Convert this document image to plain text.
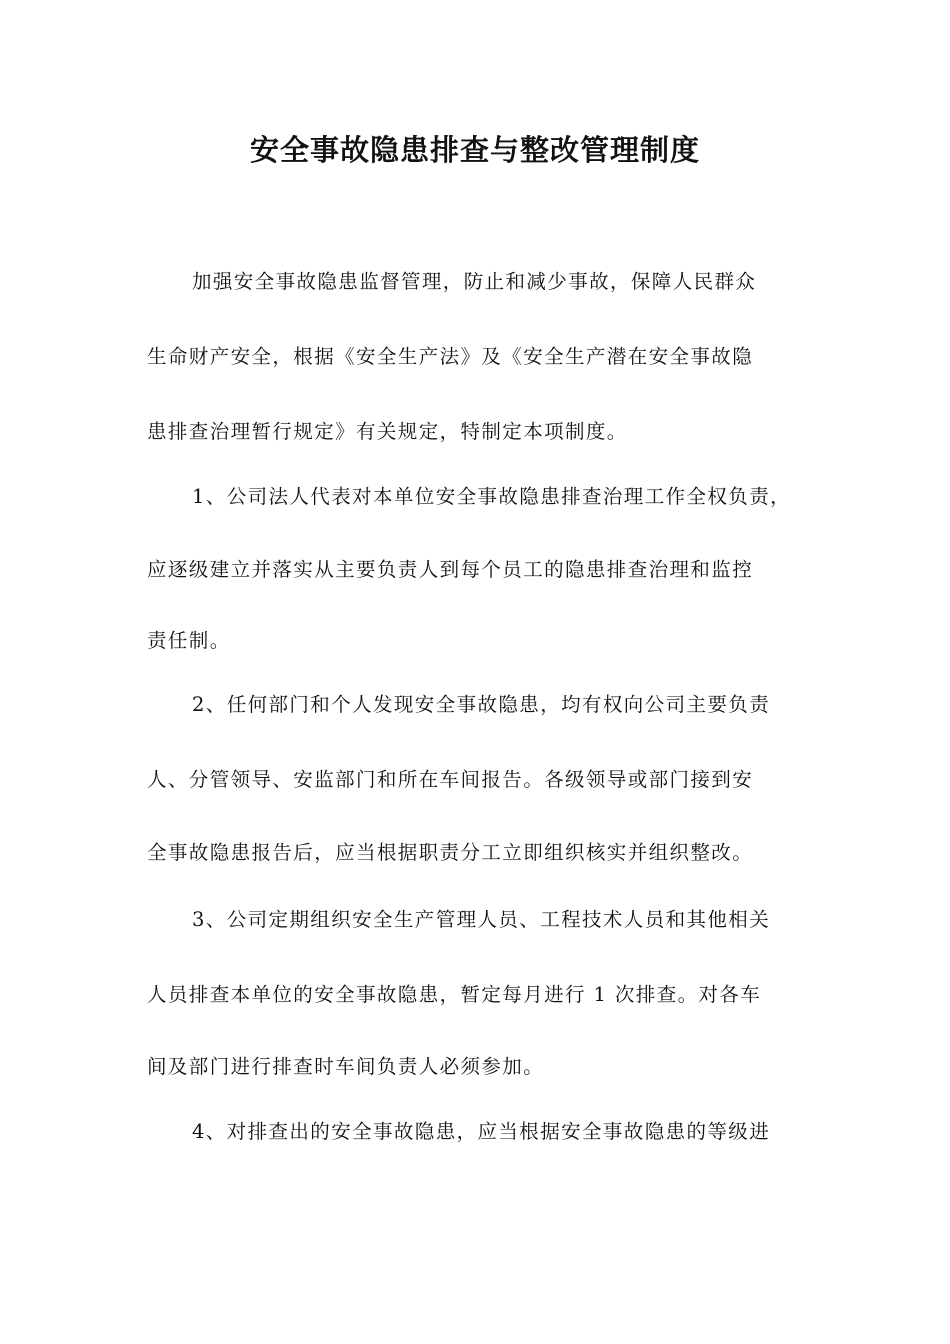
安全事故隐患排查与整改管理制度
加强安全事故隐患监督管理，防止和减少事故，保障人民群众
生命财产安全，根据《安全生产法》及《安全生产潜在安全事故隐
患排查治理暂行规定》有关规定，特制定本项制度。
1、公司法人代表对本单位安全事故隐患排查治理工作全权负责，
应逐级建立并落实从主要负责人到每个员工的隐患排查治理和监控
责任制。
2、任何部门和个人发现安全事故隐患，均有权向公司主要负责
人、分管领导、安监部门和所在车间报告。各级领导或部门接到安
全事故隐患报告后，应当根据职责分工立即组织核实并组织整改。
3、公司定期组织安全生产管理人员、工程技术人员和其他相关
人员排查本单位的安全事故隐患，暂定每月进行 1 次排查。对各车
间及部门进行排查时车间负责人必须参加。
4、对排查出的安全事故隐患，应当根据安全事故隐患的等级进
